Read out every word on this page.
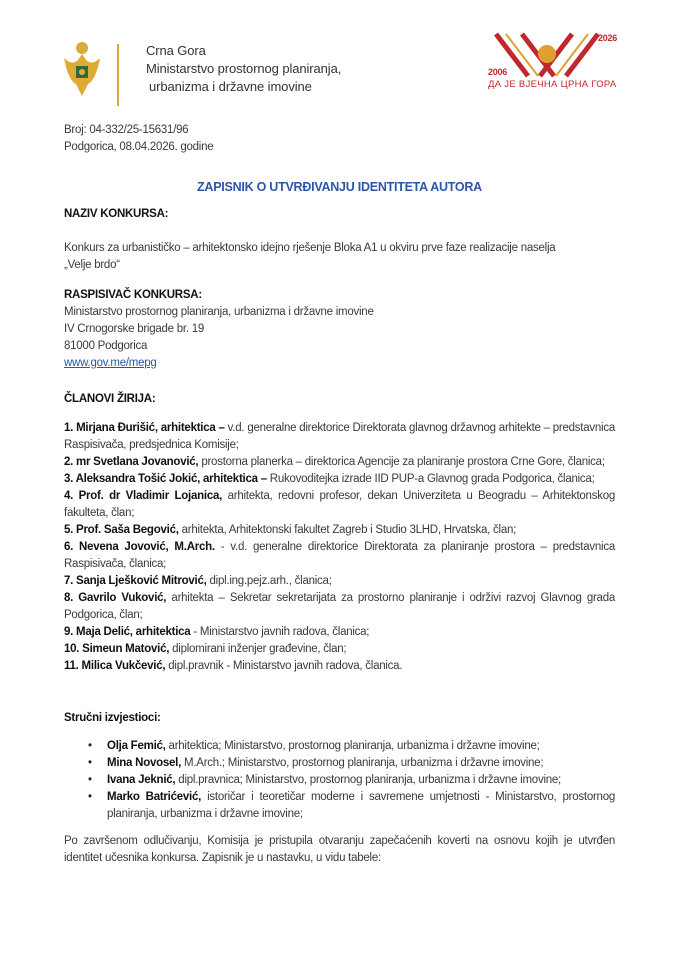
Crna Gora
Ministarstvo prostornog planiranja,
urbanizma i državne imovine
2026
2006
ДА ЈЕ ВЈЕЧНА ЦРНА ГОРА
Broj: 04-332/25-15631/96
Podgorica, 08.04.2026. godine
ZAPISNIK O UTVRĐIVANJU IDENTITETA AUTORA
NAZIV KONKURSA:
Konkurs za urbanističko – arhitektonsko idejno rješenje Bloka A1 u okviru prve faze realizacije naselja „Velje brdo“
RASPISIVAČ KONKURSA:
Ministarstvo prostornog planiranja, urbanizma i državne imovine
IV Crnogorske brigade br. 19
81000 Podgorica
www.gov.me/mepg
ČLANOVI ŽIRIJA:
1. Mirjana Đurišić, arhitektica – v.d. generalne direktorice Direktorata glavnog državnog arhitekte – predstavnica Raspisivača, predsjednica Komisije;
2. mr Svetlana Jovanović, prostorna planerka – direktorica Agencije za planiranje prostora Crne Gore, članica;
3. Aleksandra Tošić Jokić, arhitektica – Rukovoditejka izrade IID PUP-a Glavnog grada Podgorica, članica;
4. Prof. dr Vladimir Lojanica, arhitekta, redovni profesor, dekan Univerziteta u Beogradu – Arhitektonskog fakulteta, član;
5. Prof. Saša Begović, arhitekta, Arhitektonski fakultet Zagreb i Studio 3LHD, Hrvatska, član;
6. Nevena Jovović, M.Arch. - v.d. generalne direktorice Direktorata za planiranje prostora – predstavnica Raspisivača, članica;
7. Sanja Lješković Mitrović, dipl.ing.pejz.arh., članica;
8. Gavrilo Vuković, arhitekta – Sekretar sekretarijata za prostorno planiranje i održivi razvoj Glavnog grada Podgorica, član;
9. Maja Delić, arhitektica - Ministarstvo javnih radova, članica;
10. Simeun Matović, diplomirani inženjer građevine, član;
11. Milica Vukčević, dipl.pravnik - Ministarstvo javnih radova, članica.
Stručni izvjestioci:
• Olja Femić, arhitektica; Ministarstvo, prostornog planiranja, urbanizma i državne imovine;
• Mina Novosel, M.Arch.; Ministarstvo, prostornog planiranja, urbanizma i državne imovine;
• Ivana Jeknić, dipl.pravnica; Ministarstvo, prostornog planiranja, urbanizma i državne imovine;
• Marko Batrićević, istoričar i teoretičar moderne i savremene umjetnosti - Ministarstvo, prostornog planiranja, urbanizma i državne imovine;
Po završenom odlučivanju, Komisija je pristupila otvaranju zapečaćenih koverti na osnovu kojih je utvrđen identitet učesnika konkursa. Zapisnik je u nastavku, u vidu tabele:
